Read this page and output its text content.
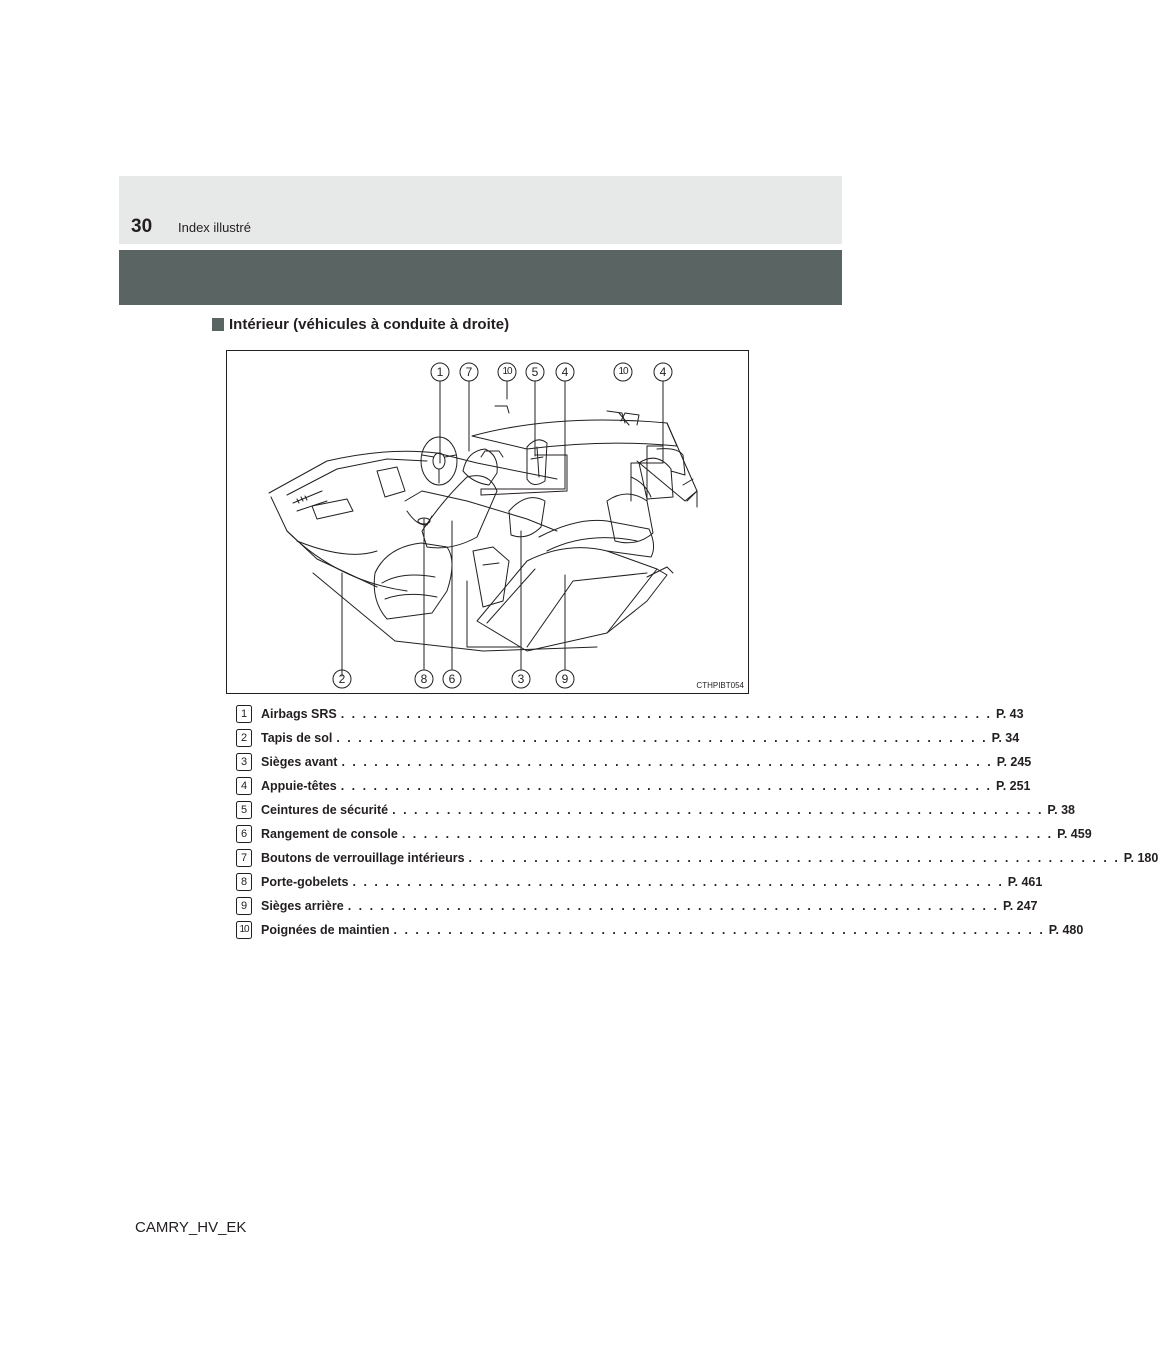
30 Index illustré
Intérieur (véhicules à conduite à droite)
1	7	10	5	4	10	4
2	8	6	3	9	CTHPIBT054
1	Airbags SRS . . . . . . . . . . . . . . . . . . . . . . . . . . . . . . . . . . . . . . . . . . . . . . . . . . . . . . . . . . . . P. 43
2	Tapis de sol . . . . . . . . . . . . . . . . . . . . . . . . . . . . . . . . . . . . . . . . . . . . . . . . . . . . . . . . . . . . P. 34
3	Sièges avant . . . . . . . . . . . . . . . . . . . . . . . . . . . . . . . . . . . . . . . . . . . . . . . . . . . . . . . . . . . . P. 245
4	Appuie-têtes . . . . . . . . . . . . . . . . . . . . . . . . . . . . . . . . . . . . . . . . . . . . . . . . . . . . . . . . . . . . P. 251
5	Ceintures de sécurité . . . . . . . . . . . . . . . . . . . . . . . . . . . . . . . . . . . . . . . . . . . . . . . . . . . . . . . . . . . . P. 38
6	Rangement de console . . . . . . . . . . . . . . . . . . . . . . . . . . . . . . . . . . . . . . . . . . . . . . . . . . . . . . . . . . . . P. 459
7	Boutons de verrouillage intérieurs . . . . . . . . . . . . . . . . . . . . . . . . . . . . . . . . . . . . . . . . . . . . . . . . . . . . . . . . . . . . P. 180
8	Porte-gobelets . . . . . . . . . . . . . . . . . . . . . . . . . . . . . . . . . . . . . . . . . . . . . . . . . . . . . . . . . . . . P. 461
9	Sièges arrière . . . . . . . . . . . . . . . . . . . . . . . . . . . . . . . . . . . . . . . . . . . . . . . . . . . . . . . . . . . . P. 247
10 Poignées de maintien . . . . . . . . . . . . . . . . . . . . . . . . . . . . . . . . . . . . . . . . . . . . . . . . . . . . . . . . . . . . P. 480
CAMRY_HV_EK
